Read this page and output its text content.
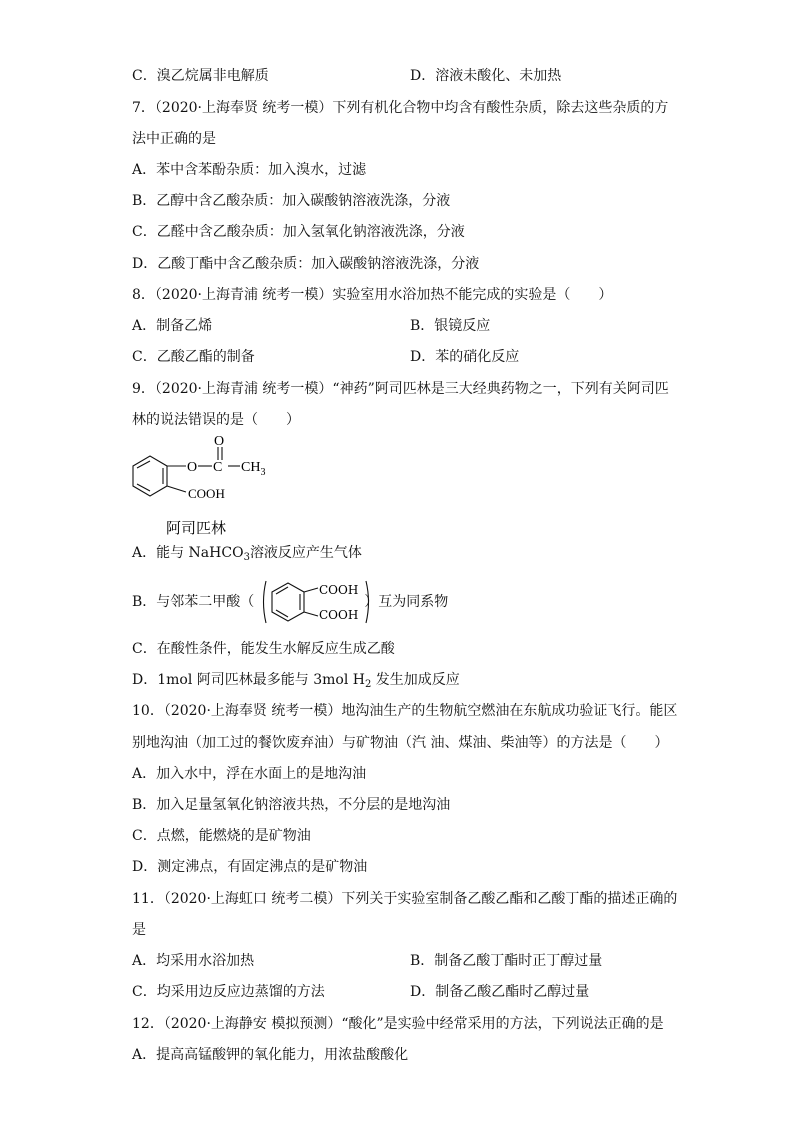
C．溴乙烷属非电解质	D．溶液未酸化、未加热
7．（2020·上海奉贤 统考一模）下列有机化合物中均含有酸性杂质，除去这些杂质的方
法中正确的是
A．苯中含苯酚杂质：加入溴水，过滤
B．乙醇中含乙酸杂质：加入碳酸钠溶液洗涤，分液
C．乙醛中含乙酸杂质：加入氢氧化钠溶液洗涤，分液
D．乙酸丁酯中含乙酸杂质：加入碳酸钠溶液洗涤，分液
8．（2020·上海青浦 统考一模）实验室用水浴加热不能完成的实验是（　　）
A．制备乙烯	B．银镜反应
C．乙酸乙酯的制备	D．苯的硝化反应
9．（2020·上海青浦 统考一模）“神药”阿司匹林是三大经典药物之一，下列有关阿司匹
林的说法错误的是（　　）
O
O C $CH_3$
COOH
阿司匹林
A．能与 NaHCO$_3$溶液反应产生气体
B．与邻苯二甲酸（	）互为同系物
COOH
COOH
C．在酸性条件，能发生水解反应生成乙酸
D．1mol 阿司匹林最多能与 3mol $H_2$ 发生加成反应
10．（2020·上海奉贤 统考一模）地沟油生产的生物航空燃油在东航成功验证飞行。能区
别地沟油（加工过的餐饮废弃油）与矿物油（汽 油、煤油、柴油等）的方法是（　　）
A．加入水中，浮在水面上的是地沟油
B．加入足量氢氧化钠溶液共热，不分层的是地沟油
C．点燃，能燃烧的是矿物油
D．测定沸点，有固定沸点的是矿物油
11．（2020·上海虹口 统考二模）下列关于实验室制备乙酸乙酯和乙酸丁酯的描述正确的
是
A．均采用水浴加热	B．制备乙酸丁酯时正丁醇过量
C．均采用边反应边蒸馏的方法	D．制备乙酸乙酯时乙醇过量
12．（2020·上海静安 模拟预测）“酸化”是实验中经常采用的方法，下列说法正确的是
A．提高高锰酸钾的氧化能力，用浓盐酸酸化
